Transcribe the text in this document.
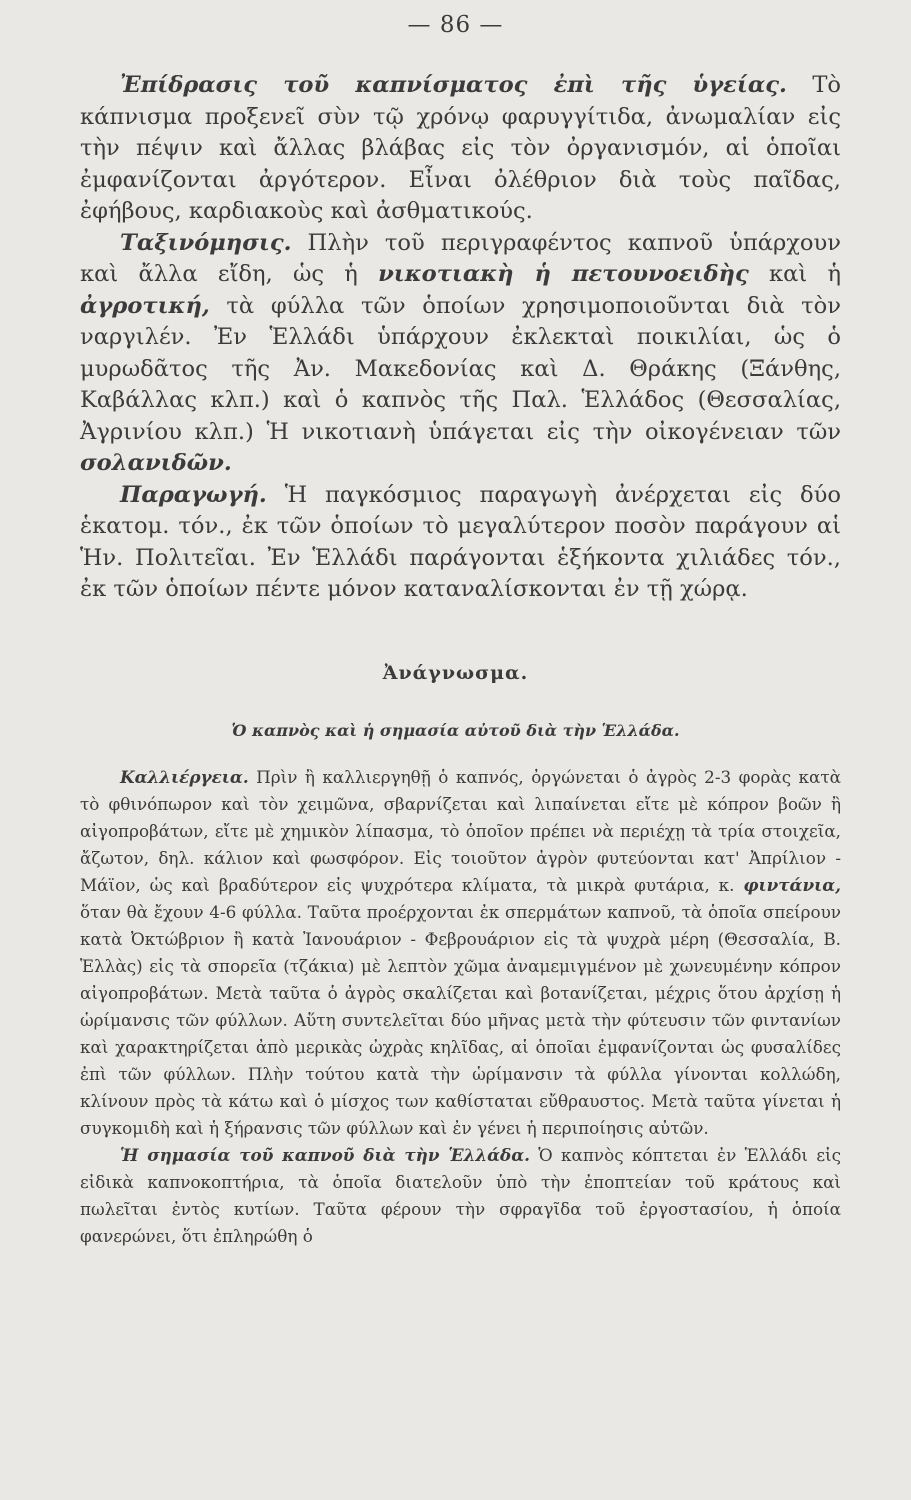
— 86 —

Ἐπίδρασις τοῦ καπνίσματος ἐπὶ τῆς ὑγείας. Τὸ κάπνισμα προξενεῖ σὺν τῷ χρόνῳ φαρυγγίτιδα, ἀνωμαλίαν εἰς τὴν πέψιν καὶ ἄλλας βλάβας εἰς τὸν ὀργανισμόν, αἱ ὁποῖαι ἐμφανίζονται ἀργότερον. Εἶναι ὀλέθριον διὰ τοὺς παῖδας, ἐφήβους, καρδιακοὺς καὶ ἀσθματικούς.

Ταξινόμησις. Πλὴν τοῦ περιγραφέντος καπνοῦ ὑπάρχουν καὶ ἄλλα εἴδη, ὡς ἡ νικοτιακὴ ἡ πετουνοειδὴς καὶ ἡ ἀγροτική, τὰ φύλλα τῶν ὁποίων χρησιμοποιοῦνται διὰ τὸν ναργιλέν. Ἐν Ἑλλάδι ὑπάρχουν ἐκλεκταὶ ποικιλίαι, ὡς ὁ μυρωδᾶτος τῆς Ἀν. Μακεδονίας καὶ Δ. Θράκης (Ξάνθης, Καβάλλας κλπ.) καὶ ὁ καπνὸς τῆς Παλ. Ἑλλάδος (Θεσσαλίας, Ἀγρινίου κλπ.) Ἡ νικοτιανὴ ὑπάγεται εἰς τὴν οἰκογένειαν τῶν σολανιδῶν.

Παραγωγή. Ἡ παγκόσμιος παραγωγὴ ἀνέρχεται εἰς δύο ἑκατομ. τόν., ἐκ τῶν ὁποίων τὸ μεγαλύτερον ποσὸν παράγουν αἱ Ἡν. Πολιτεῖαι. Ἐν Ἑλλάδι παράγονται ἑξήκοντα χιλιάδες τόν., ἐκ τῶν ὁποίων πέντε μόνον καταναλίσκονται ἐν τῇ χώρᾳ.

Ἀνάγνωσμα.
Ὁ καπνὸς καὶ ἡ σημασία αὐτοῦ διὰ τὴν Ἑλλάδα.

Καλλιέργεια. Πρὶν ἢ καλλιεργηθῇ ὁ καπνός, ὀργώνεται ὁ ἀγρὸς 2-3 φορὰς κατὰ τὸ φθινόπωρον καὶ τὸν χειμῶνα, σβαρνίζεται καὶ λιπαίνεται εἴτε μὲ κόπρον βοῶν ἢ αἰγοπροβάτων, εἴτε μὲ χημικὸν λίπασμα, τὸ ὁποῖον πρέπει νὰ περιέχῃ τὰ τρία στοιχεῖα, ἄζωτον, δηλ. κάλιον καὶ φωσφόρον. Εἰς τοιοῦτον ἀγρὸν φυτεύονται κατ' Ἀπρίλιον - Μάϊον, ὡς καὶ βραδύτερον εἰς ψυχρότερα κλίματα, τὰ μικρὰ φυτάρια, κ. φιντάνια, ὅταν θὰ ἔχουν 4-6 φύλλα. Ταῦτα προέρχονται ἐκ σπερμάτων καπνοῦ, τὰ ὁποῖα σπείρουν κατὰ Ὀκτώβριον ἢ κατὰ Ἰανουάριον - Φεβρουάριον εἰς τὰ ψυχρὰ μέρη (Θεσσαλία, Β. Ἑλλὰς) εἰς τὰ σπορεῖα (τζάκια) μὲ λεπτὸν χῶμα ἀναμεμιγμένον μὲ χωνευμένην κόπρον αἰγοπροβάτων. Μετὰ ταῦτα ὁ ἀγρὸς σκαλίζεται καὶ βοτανίζεται, μέχρις ὅτου ἀρχίσῃ ἡ ὡρίμανσις τῶν φύλλων. Αὕτη συντελεῖται δύο μῆνας μετὰ τὴν φύτευσιν τῶν φιντανίων καὶ χαρακτηρίζεται ἀπὸ μερικὰς ὠχρὰς κηλῖδας, αἱ ὁποῖαι ἐμφανίζονται ὡς φυσαλίδες ἐπὶ τῶν φύλλων. Πλὴν τούτου κατὰ τὴν ὡρίμανσιν τὰ φύλλα γίνονται κολλώδη, κλίνουν πρὸς τὰ κάτω καὶ ὁ μίσχος των καθίσταται εὔθραυστος. Μετὰ ταῦτα γίνεται ἡ συγκομιδὴ καὶ ἡ ξήρανσις τῶν φύλλων καὶ ἐν γένει ἡ περιποίησις αὐτῶν.

Ἡ σημασία τοῦ καπνοῦ διὰ τὴν Ἑλλάδα. Ὁ καπνὸς κόπτεται ἐν Ἑλλάδι εἰς εἰδικὰ καπνοκοπτήρια, τὰ ὁποῖα διατελοῦν ὑπὸ τὴν ἐποπτείαν τοῦ κράτους καὶ πωλεῖται ἐντὸς κυτίων. Ταῦτα φέρουν τὴν σφραγῖδα τοῦ ἐργοστασίου, ἡ ὁποία φανερώνει, ὅτι ἐπληρώθη ὁ
